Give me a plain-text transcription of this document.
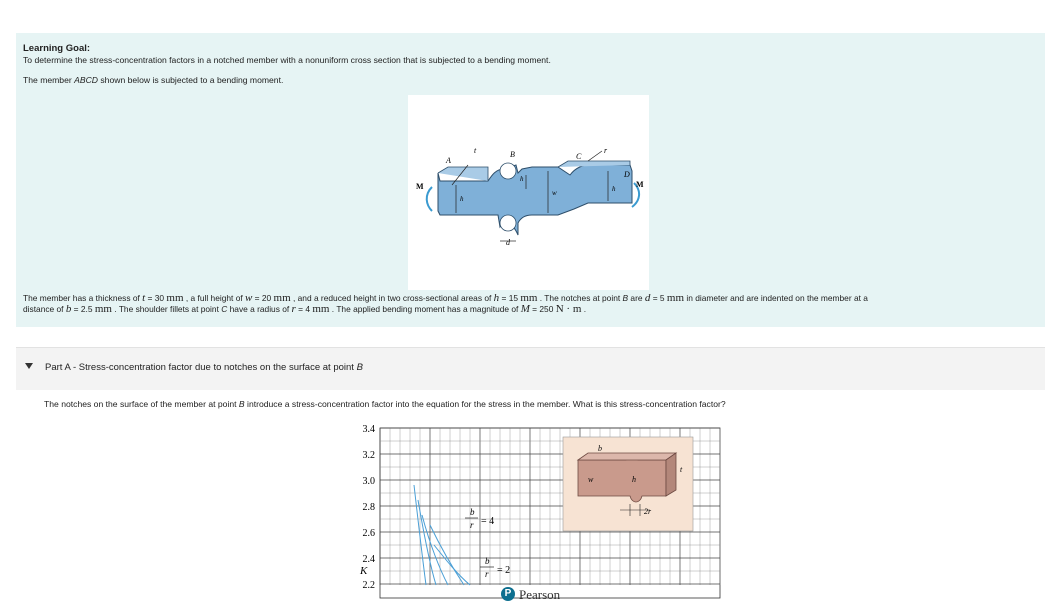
Learning Goal:
To determine the stress-concentration factors in a notched member with a nonuniform cross section that is subjected to a bending moment.
The member ABCD shown below is subjected to a bending moment.
A
B	C
D
M	M
t	r
h
h
h
w
d
The member has a thickness of t = 30 mm , a full height of w = 20 mm , and a reduced height in two cross-sectional areas of h = 15 mm . The notches at point B are d = 5 mm in diameter and are indented on the member at a
distance of b = 2.5 mm . The shoulder fillets at point C have a radius of r = 4 mm . The applied bending moment has a magnitude of M = 250 N · m .
Part A - Stress-concentration factor due to notches on the surface at point B
The notches on the surface of the member at point B introduce a stress-concentration factor into the equation for the stress in the member. What is this stress-concentration factor?
3.4
3.2
3.0
2.8
2.6
2.4
2.2
K
b
r = 4
b
r = 2
b
w	h
t
2r
P Pearson
